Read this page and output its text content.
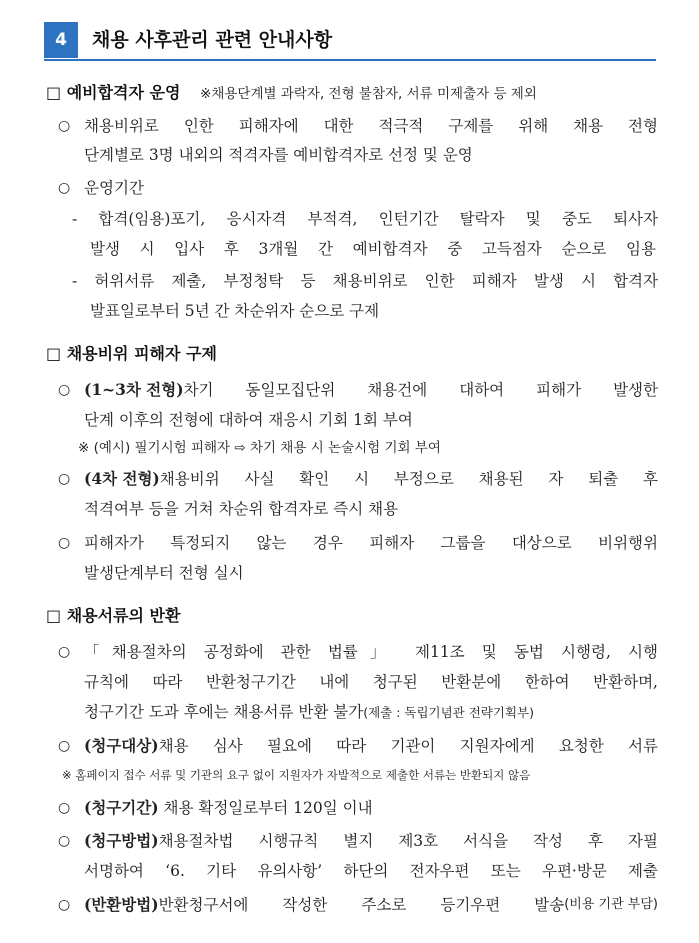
4	채용 사후관리 관련 안내사항
□ 예비합격자 운영 ※채용단계별 과락자, 전형 불참자, 서류 미제출자 등 제외
○ 채용비위로 인한 피해자에 대한 적극적 구제를 위해 채용 전형
단계별로 3명 내외의 적격자를 예비합격자로 선정 및 운영
○ 운영기간
- 합격(임용)포기, 응시자격 부적격, 인턴기간 탈락자 및 중도 퇴사자
발생 시 입사 후 3개월 간 예비합격자 중 고득점자 순으로 임용
- 허위서류 제출, 부정청탁 등 채용비위로 인한 피해자 발생 시 합격자
발표일로부터 5년 간 차순위자 순으로 구제
□ 채용비위 피해자 구제
○ (1~3차 전형) 차기 동일모집단위 채용건에 대하여 피해가 발생한
단계 이후의 전형에 대하여 재응시 기회 1회 부여
※ (예시) 필기시험 피해자 ⇨ 차기 채용 시 논술시험 기회 부여
○ (4차 전형) 채용비위 사실 확인 시 부정으로 채용된 자 퇴출 후
적격여부 등을 거쳐 차순위 합격자로 즉시 채용
○ 피해자가 특정되지 않는 경우 피해자 그룹을 대상으로 비위행위
발생단계부터 전형 실시
□ 채용서류의 반환
○ 「채용절차의 공정화에 관한 법률」 제11조 및 동법 시행령, 시행
규칙에 따라 반환청구기간 내에 청구된 반환분에 한하여 반환하며,
청구기간 도과 후에는 채용서류 반환 불가(제출 : 독립기념관 전략기획부)
○ (청구대상) 채용 심사 필요에 따라 기관이 지원자에게 요청한 서류
※ 홈페이지 접수 서류 및 기관의 요구 없이 지원자가 자발적으로 제출한 서류는 반환되지 않음
○ (청구기간) 채용 확정일로부터 120일 이내
○ (청구방법) 채용절차법 시행규칙 별지 제3호 서식을 작성 후 자필
서명하여 ‘6. 기타 유의사항’ 하단의 전자우편 또는 우편·방문 제출
○ (반환방법) 반환청구서에 작성한 주소로 등기우편 발송 (비용 기관 부담)
